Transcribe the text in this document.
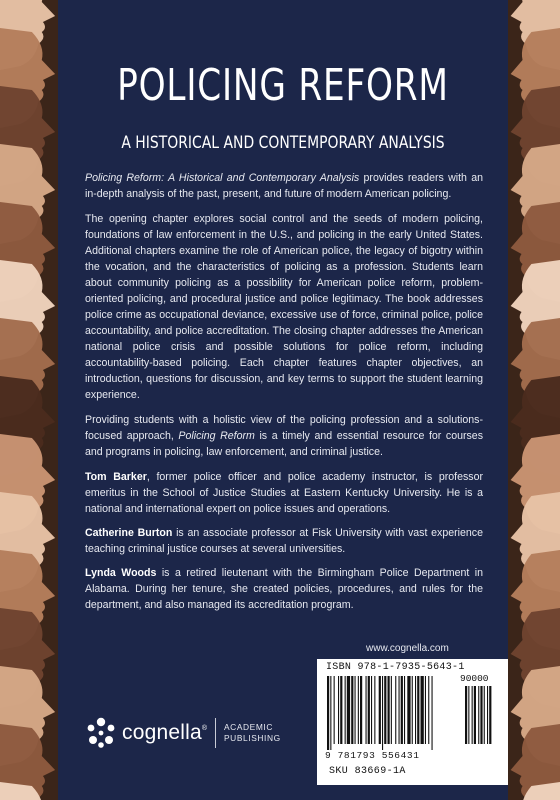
POLICING REFORM
A HISTORICAL AND CONTEMPORARY ANALYSIS

Policing Reform: A Historical and Contemporary Analysis provides readers with an in-depth analysis of the past, present, and future of modern American policing.

The opening chapter explores social control and the seeds of modern policing, foundations of law enforcement in the U.S., and policing in the early United States. Additional chapters examine the role of American police, the legacy of bigotry within the vocation, and the characteristics of policing as a profession. Students learn about community policing as a possibility for American police reform, problem-oriented policing, and procedural justice and police legitimacy. The book addresses police crime as occupational deviance, excessive use of force, criminal police, police accountability, and police accreditation. The closing chapter addresses the American national police crisis and possible solutions for police reform, including accountability-based policing. Each chapter features chapter objectives, an introduction, questions for discussion, and key terms to support the student learning experience.

Providing students with a holistic view of the policing profession and a solutions-focused approach, Policing Reform is a timely and essential resource for courses and programs in policing, law enforcement, and criminal justice.

Tom Barker, former police officer and police academy instructor, is professor emeritus in the School of Justice Studies at Eastern Kentucky University. He is a national and international expert on police issues and operations.

Catherine Burton is an associate professor at Fisk University with vast experience teaching criminal justice courses at several universities.

Lynda Woods is a retired lieutenant with the Birmingham Police Department in Alabama. During her tenure, she created policies, procedures, and rules for the department, and also managed its accreditation program.

www.cognella.com
cognella ® ACADEMIC
PUBLISHING
ISBN 978-1-7935-5643-1
90000
9 781793 556431
SKU 83669-1A
